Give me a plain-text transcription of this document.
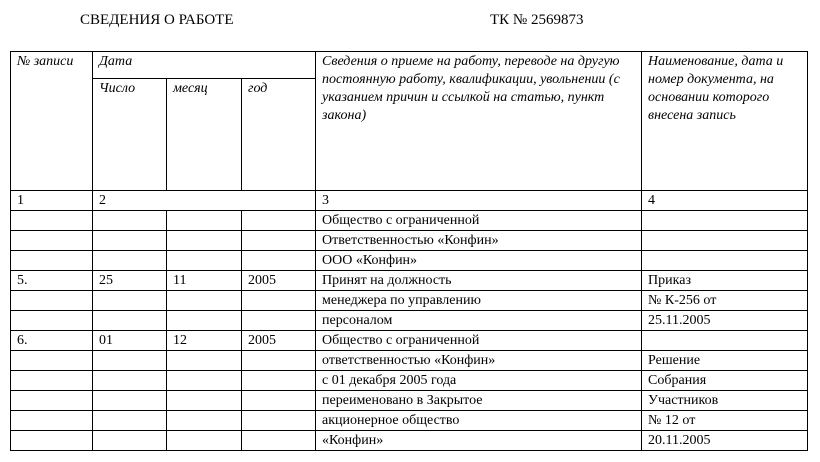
СВЕДЕНИЯ О РАБОТЕ	ТК № 2569873
№ записи	Дата			Сведения о приеме на работу, переводе на другую постоянную работу, квалификации, увольнении (с указанием причин и ссылкой на статью, пункт закона)	Наименование, дата и номер документа, на основании которого внесена запись
	Число	месяц	год		
1	2			3	4
				Общество с ограниченной	
				Ответственностью «Конфин»	
				ООО «Конфин»	
5.	25	11	2005	Принят на должность	Приказ
				менеджера по управлению	№ К-256 от
				персоналом	25.11.2005
6.	01	12	2005	Общество с ограниченной	
				ответственностью «Конфин»	Решение
				с 01 декабря 2005 года	Собрания
				переименовано в Закрытое	Участников
				акционерное общество	№ 12 от
				«Конфин»	20.11.2005
